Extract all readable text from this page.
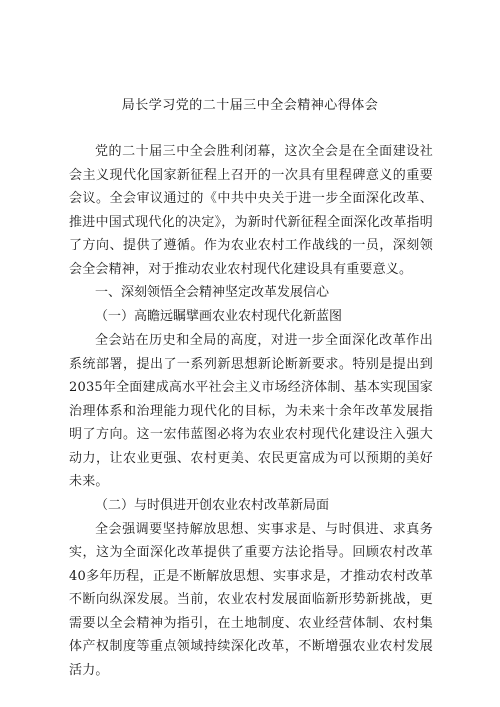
局长学习党的二十届三中全会精神心得体会

党的二十届三中全会胜利闭幕，这次全会是在全面建设社会主义现代化国家新征程上召开的一次具有里程碑意义的重要会议。全会审议通过的《中共中央关于进一步全面深化改革、推进中国式现代化的决定》，为新时代新征程全面深化改革指明了方向、提供了遵循。作为农业农村工作战线的一员，深刻领会全会精神，对于推动农业农村现代化建设具有重要意义。

一、深刻领悟全会精神坚定改革发展信心
（一）高瞻远瞩擘画农业农村现代化新蓝图

全会站在历史和全局的高度，对进一步全面深化改革作出系统部署，提出了一系列新思想新论断新要求。特别是提出到2035年全面建成高水平社会主义市场经济体制、基本实现国家治理体系和治理能力现代化的目标，为未来十余年改革发展指明了方向。这一宏伟蓝图必将为农业农村现代化建设注入强大动力，让农业更强、农村更美、农民更富成为可以预期的美好未来。

（二）与时俱进开创农业农村改革新局面

全会强调要坚持解放思想、实事求是、与时俱进、求真务实，这为全面深化改革提供了重要方法论指导。回顾农村改革40多年历程，正是不断解放思想、实事求是，才推动农村改革不断向纵深发展。当前，农业农村发展面临新形势新挑战，更需要以全会精神为指引，在土地制度、农业经营体制、农村集体产权制度等重点领域持续深化改革，不断增强农业农村发展活力。
